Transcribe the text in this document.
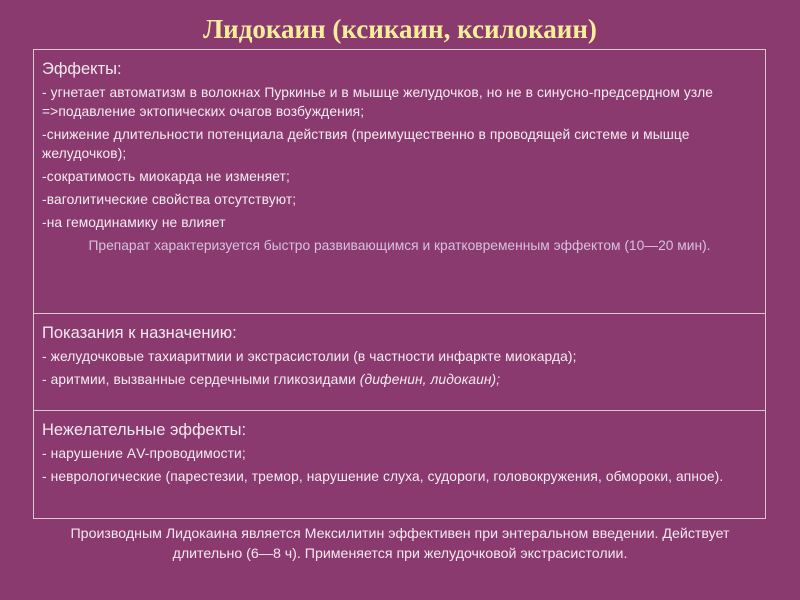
Лидокаин (ксикаин, ксилокаин)
Эффекты:

- угнетает автоматизм в волокнах Пуркинье и в мышце желудочков, но не в синусно-предсердном узле =>подавление эктопических очагов возбуждения;

-снижение длительности потенциала действия (преимущественно в проводящей системе и мышце желудочков);

-сократимость миокарда не изменяет;

-ваголитические свойства отсутствуют;

-на гемодинамику не влияет

Препарат характеризуется быстро развивающимся и кратковременным эффектом (10—20 мин).

Показания к назначению:

- желудочковые тахиаритмии и экстрасистолии (в частности инфаркте миокарда);

- аритмии, вызванные сердечными гликозидами (дифенин, лидокаин);

Нежелательные эффекты:

- нарушение АV-проводимости;

- неврологические (парестезии, тремор, нарушение слуха, судороги, головокружения, обмороки, апное).

Производным Лидокаина является Мексилитин эффективен при энтеральном введении. Действует длительно (6—8 ч). Применяется при желудочковой экстрасистолии.
